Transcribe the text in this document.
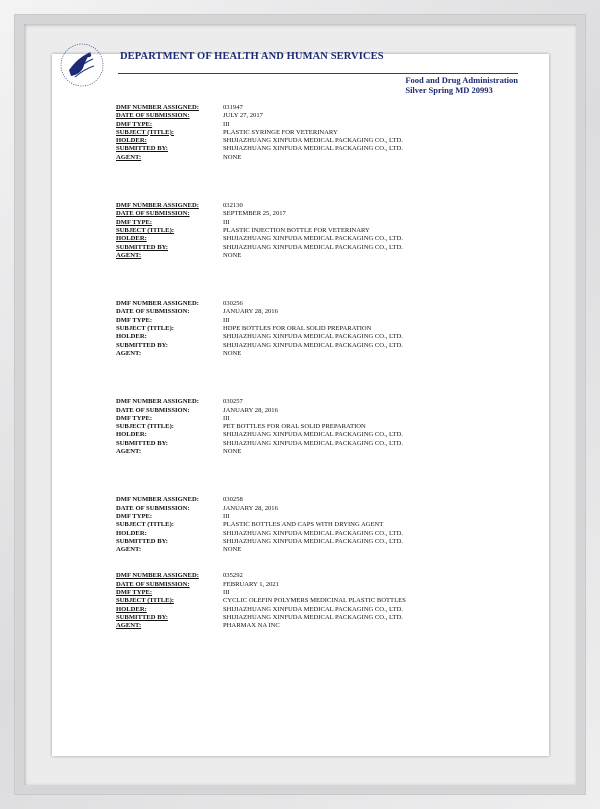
DEPARTMENT OF HEALTH AND HUMAN SERVICES
Food and Drug Administration
Silver Spring MD 20993
DMF NUMBER ASSIGNED:	031947
DATE OF SUBMISSION:	JULY 27, 2017
DMF TYPE:	III
SUBJECT (TITLE):	PLASTIC SYRINGE FOR VETERINARY
HOLDER:	SHIJIAZHUANG XINFUDA MEDICAL PACKAGING CO., LTD.
SUBMITTED BY:	SHIJIAZHUANG XINFUDA MEDICAL PACKAGING CO., LTD.
AGENT:	NONE
DMF NUMBER ASSIGNED:	032130
DATE OF SUBMISSION:	SEPTEMBER 25, 2017
DMF TYPE:	III
SUBJECT (TITLE):	PLASTIC INJECTION BOTTLE FOR VETERINARY
HOLDER:	SHIJIAZHUANG XINFUDA MEDICAL PACKAGING CO., LTD.
SUBMITTED BY:	SHIJIAZHUANG XINFUDA MEDICAL PACKAGING CO., LTD.
AGENT:	NONE
DMF NUMBER ASSIGNED:	030256
DATE OF SUBMISSION:	JANUARY 28, 2016
DMF TYPE:	III
SUBJECT (TITLE):	HDPE BOTTLES FOR ORAL SOLID PREPARATION
HOLDER:	SHIJIAZHUANG XINFUDA MEDICAL PACKAGING CO., LTD.
SUBMITTED BY:	SHIJIAZHUANG XINFUDA MEDICAL PACKAGING CO., LTD.
AGENT:	NONE
DMF NUMBER ASSIGNED:	030257
DATE OF SUBMISSION:	JANUARY 28, 2016
DMF TYPE:	III
SUBJECT (TITLE):	PET BOTTLES FOR ORAL SOLID PREPARATION
HOLDER:	SHIJIAZHUANG XINFUDA MEDICAL PACKAGING CO., LTD.
SUBMITTED BY:	SHIJIAZHUANG XINFUDA MEDICAL PACKAGING CO., LTD.
AGENT:	NONE
DMF NUMBER ASSIGNED:	030258
DATE OF SUBMISSION:	JANUARY 28, 2016
DMF TYPE:	III
SUBJECT (TITLE):	PLASTIC BOTTLES AND CAPS WITH DRYING AGENT
HOLDER:	SHIJIAZHUANG XINFUDA MEDICAL PACKAGING CO., LTD.
SUBMITTED BY:	SHIJIAZHUANG XINFUDA MEDICAL PACKAGING CO., LTD.
AGENT:	NONE
DMF NUMBER ASSIGNED:	035292
DATE OF SUBMISSION:	FEBRUARY 1, 2021
DMF TYPE:	III
SUBJECT (TITLE):	CYCLIC OLEFIN POLYMERS MEDICINAL PLASTIC BOTTLES
HOLDER:	SHIJIAZHUANG XINFUDA MEDICAL PACKAGING CO., LTD.
SUBMITTED BY:	SHIJIAZHUANG XINFUDA MEDICAL PACKAGING CO., LTD.
AGENT:	PHARMAX NA INC
